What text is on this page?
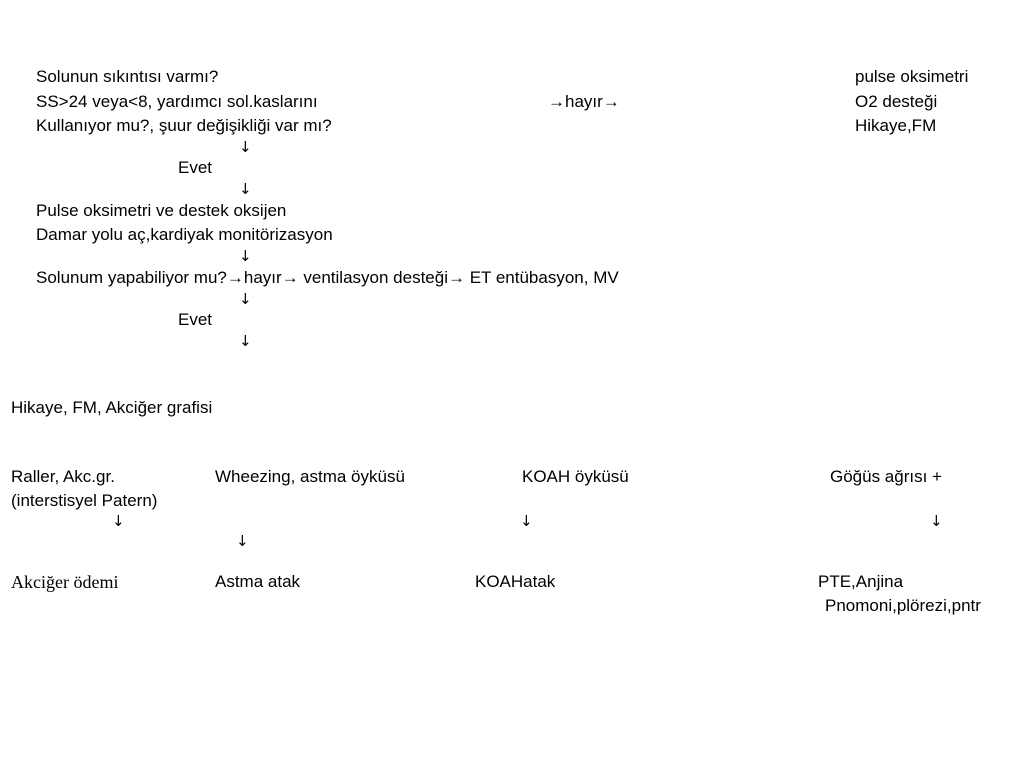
Solunun sıkıntısı varmı?
SS>24 veya<8, yardımcı sol.kaslarını
Kullanıyor mu?, şuur değişikliği var mı?
→hayır→
pulse oksimetri
O2 desteği
Hikaye,FM
↓
Evet
↓
Pulse oksimetri ve destek oksijen
Damar yolu aç,kardiyak monitörizasyon
↓
Solunum yapabiliyor mu?→hayır→ ventilasyon desteği→ ET entübasyon, MV
↓
Evet
↓
Hikaye, FM, Akciğer grafisi
Raller, Akc.gr.
(interstisyel Patern)
Wheezing, astma öyküsü	KOAH öyküsü	Göğüs ağrısı +
↓	↓	↓
↓
Akciğer ödemi	Astma atak	KOAHatak	PTE,Anjina
Pnomoni,plörezi,pntr
